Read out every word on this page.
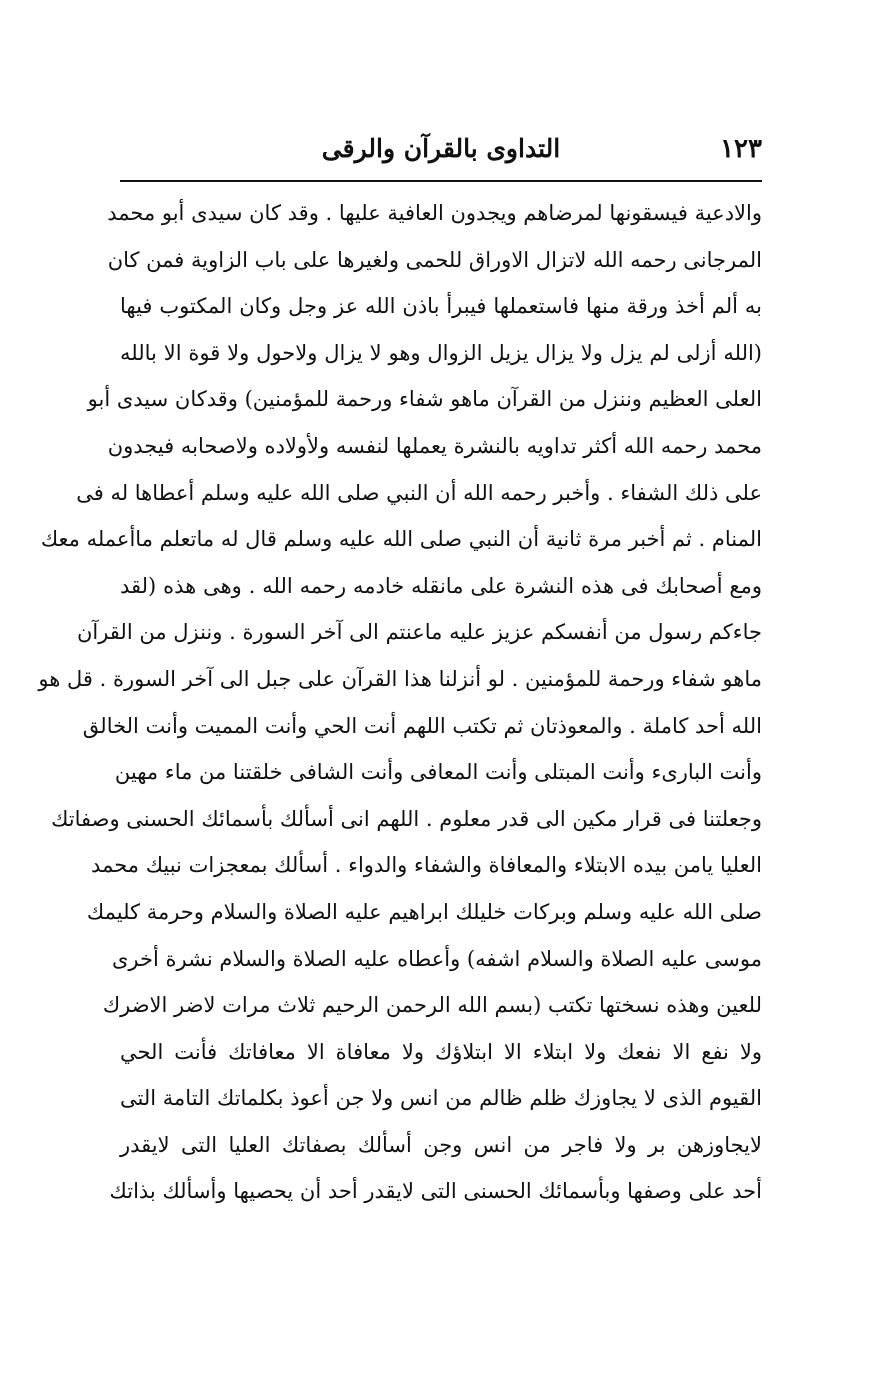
١٢٣
التداوى بالقرآن والرقى
والادعية فيسقونها لمرضاهم ويجدون العافية عليها . وقد كان سيدى أبو محمد
المرجانى رحمه الله لاتزال الاوراق للحمى ولغيرها على باب الزاوية فمن كان
به ألم أخذ ورقة منها فاستعملها فيبرأ باذن الله عز وجل وكان المكتوب فيها
(الله أزلى لم يزل ولا يزال يزيل الزوال وهو لا يزال ولاحول ولا قوة الا بالله
العلى العظيم وننزل من القرآن ماهو شفاء ورحمة للمؤمنين) وقدكان سيدى أبو
محمد رحمه الله أكثر تداويه بالنشرة يعملها لنفسه ولأولاده ولاصحابه فيجدون
على ذلك الشفاء . وأخبر رحمه الله أن النبي صلى الله عليه وسلم أعطاها له فى
المنام . ثم أخبر مرة ثانية أن النبي صلى الله عليه وسلم قال له ماتعلم ماأعمله معك
ومع أصحابك فى هذه النشرة على مانقله خادمه رحمه الله . وهى هذه (لقد
جاءكم رسول من أنفسكم عزيز عليه ماعنتم الى آخر السورة . وننزل من القرآن
ماهو شفاء ورحمة للمؤمنين . لو أنزلنا هذا القرآن على جبل الى آخر السورة . قل هو
الله أحد كاملة . والمعوذتان ثم تكتب اللهم أنت الحي وأنت المميت وأنت الخالق
وأنت البارىء وأنت المبتلى وأنت المعافى وأنت الشافى خلقتنا من ماء مهين
وجعلتنا فى قرار مكين الى قدر معلوم . اللهم انى أسألك بأسمائك الحسنى وصفاتك
العليا يامن بيده الابتلاء والمعافاة والشفاء والدواء . أسألك بمعجزات نبيك محمد
صلى الله عليه وسلم وبركات خليلك ابراهيم عليه الصلاة والسلام وحرمة كليمك
موسى عليه الصلاة والسلام اشفه) وأعطاه عليه الصلاة والسلام نشرة أخرى
للعين وهذه نسختها تكتب (بسم الله الرحمن الرحيم ثلاث مرات لاضر الاضرك
ولا نفع الا نفعك ولا ابتلاء الا ابتلاؤك ولا معافاة الا معافاتك فأنت الحي
القيوم الذى لا يجاوزك ظلم ظالم من انس ولا جن أعوذ بكلماتك التامة التى
لايجاوزهن بر ولا فاجر من انس وجن أسألك بصفاتك العليا التى لايقدر
أحد على وصفها وبأسمائك الحسنى التى لايقدر أحد أن يحصيها وأسألك بذاتك
